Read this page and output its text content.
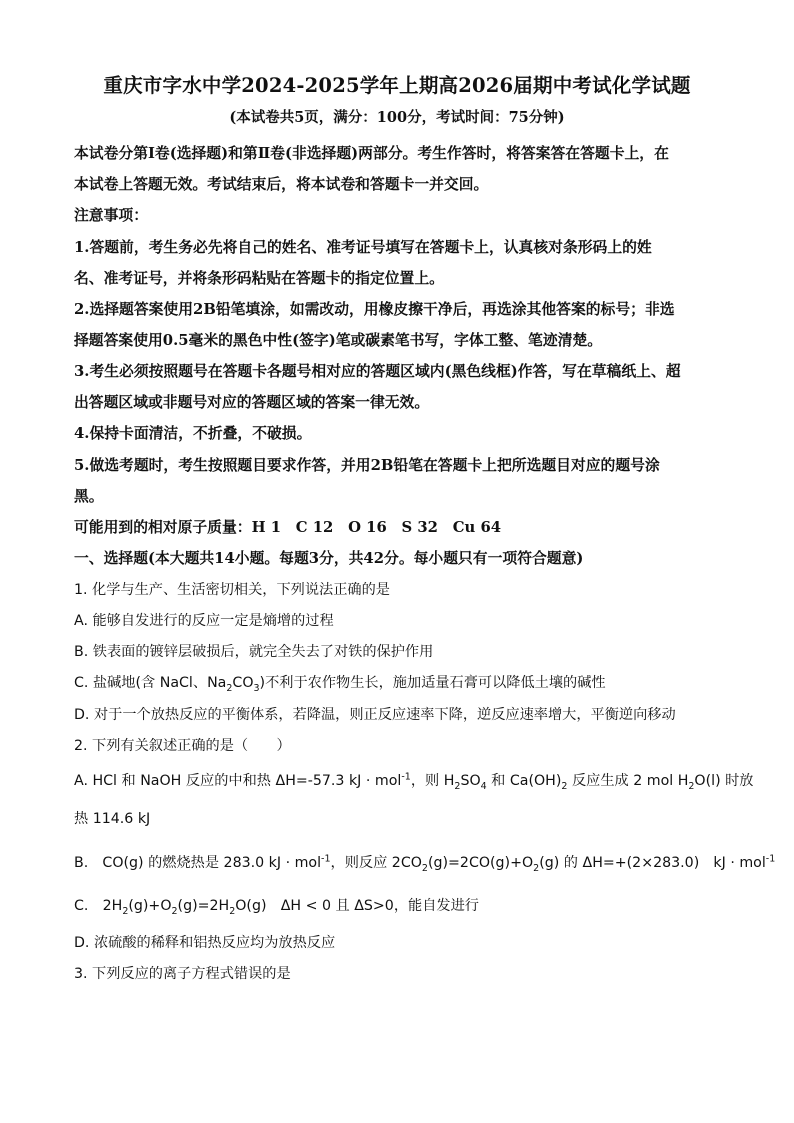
重庆市字水中学2024-2025学年上期高2026届期中考试化学试题
(本试卷共5页，满分：100分，考试时间：75分钟)
本试卷分第Ⅰ卷(选择题)和第Ⅱ卷(非选择题)两部分。考生作答时，将答案答在答题卡上，在
本试卷上答题无效。考试结束后，将本试卷和答题卡一并交回。
注意事项：
1.答题前，考生务必先将自己的姓名、准考证号填写在答题卡上，认真核对条形码上的姓
名、准考证号，并将条形码粘贴在答题卡的指定位置上。
2.选择题答案使用2B铅笔填涂，如需改动，用橡皮擦干净后，再选涂其他答案的标号；非选
择题答案使用0.5毫米的黑色中性(签字)笔或碳素笔书写，字体工整、笔迹清楚。
3.考生必须按照题号在答题卡各题号相对应的答题区域内(黑色线框)作答，写在草稿纸上、超
出答题区域或非题号对应的答题区域的答案一律无效。
4.保持卡面清洁，不折叠，不破损。
5.做选考题时，考生按照题目要求作答，并用2B铅笔在答题卡上把所选题目对应的题号涂
黑。
可能用到的相对原子质量：H 1　C 12　O 16　S 32　Cu 64
一、选择题(本大题共14小题。每题3分，共42分。每小题只有一项符合题意)
1. 化学与生产、生活密切相关，下列说法正确的是
A. 能够自发进行的反应一定是熵增的过程
B. 铁表面的镀锌层破损后，就完全失去了对铁的保护作用
C. 盐碱地(含 NaCl、$Na_2CO_3$)不利于农作物生长，施加适量石膏可以降低土壤的碱性
D. 对于一个放热反应的平衡体系，若降温，则正反应速率下降，逆反应速率增大，平衡逆向移动
2. 下列有关叙述正确的是（　　）
A. HCl 和 NaOH 反应的中和热 ΔH=-57.3 kJ · mol$^{-1}$，则 $H_2SO_4$ 和 $Ca(OH)_2$ 反应生成 2 mol $H_2O(l)$ 时放
热 114.6 kJ
B.　CO(g) 的燃烧热是 283.0 kJ · mol$^{-1}$，则反应 $2CO_2(g)=2CO(g)+O_2(g)$ 的 ΔH=+(2×283.0)　kJ · mol$^{-1}$
C.　$2H_2(g)+O_2(g)=2H_2O(g)$　ΔH < 0 且 ΔS>0，能自发进行
D. 浓硫酸的稀释和铝热反应均为放热反应
3. 下列反应的离子方程式错误的是
